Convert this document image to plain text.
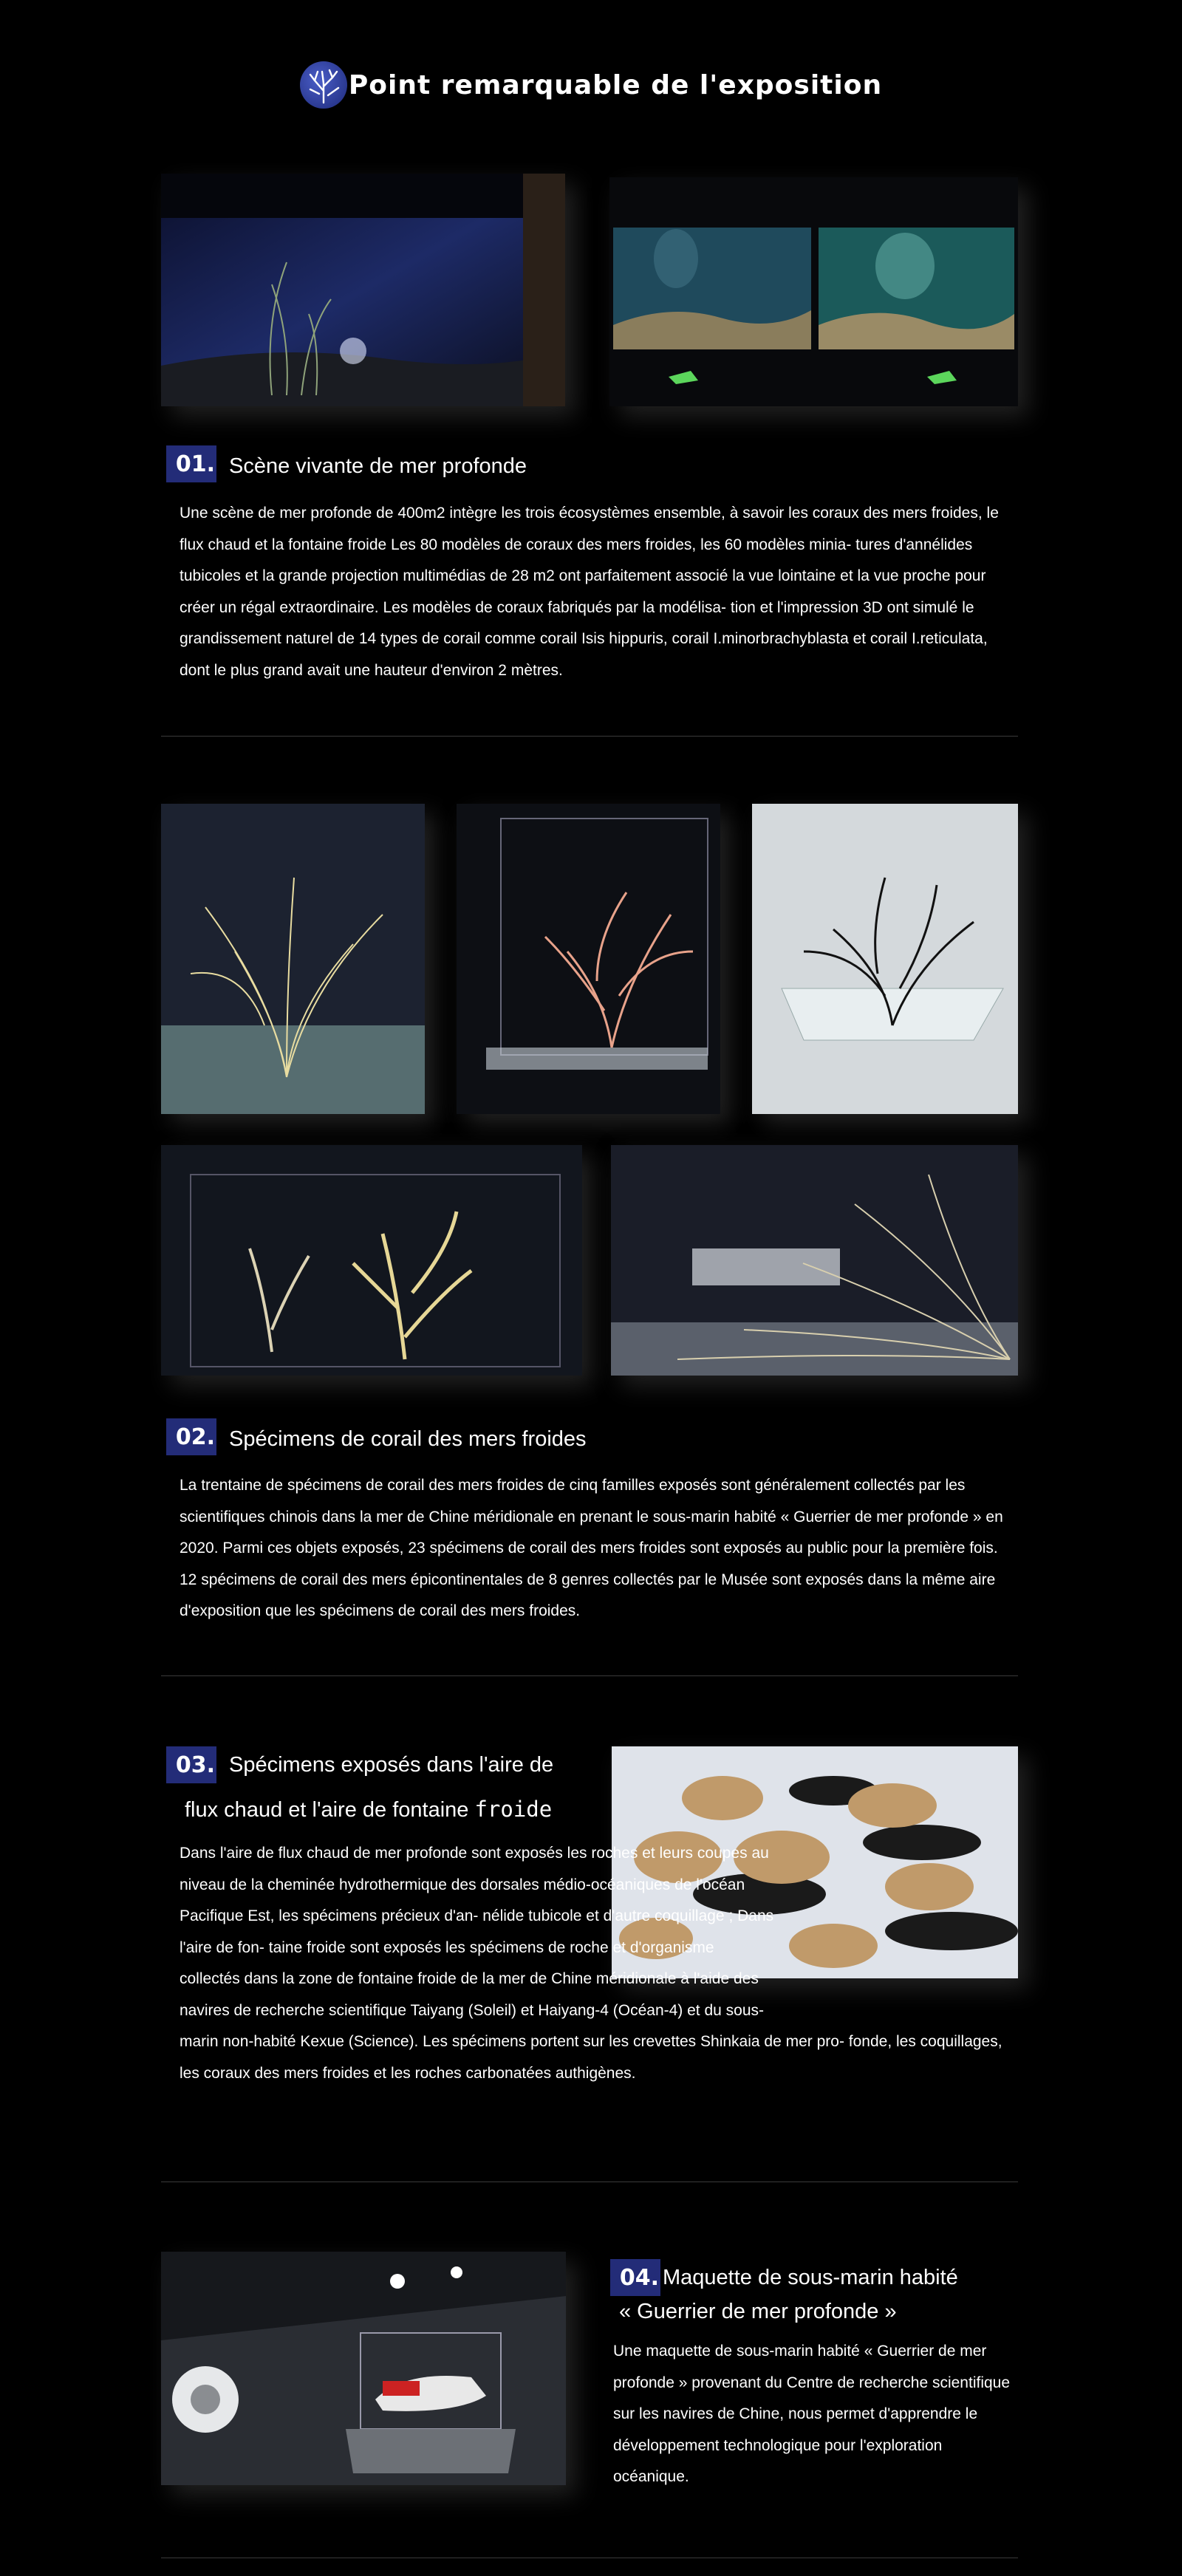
Point remarquable de l'exposition
01. Scène vivante de mer profonde
Une scène de mer profonde de 400m2 intègre les trois écosystèmes ensemble, à savoir les coraux des mers froides, le flux chaud et la fontaine froide Les 80 modèles de coraux des mers froides, les 60 modèles minia- tures d'annélides tubicoles et la grande projection multimédias de 28 m2 ont parfaitement associé la vue lointaine et la vue proche pour créer un régal extraordinaire. Les modèles de coraux fabriqués par la modélisa- tion et l'impression 3D ont simulé le grandissement naturel de 14 types de corail comme corail Isis hippuris, corail I.minorbrachyblasta et corail I.reticulata, dont le plus grand avait une hauteur d'environ 2 mètres.
02. Spécimens de corail des mers froides
La trentaine de spécimens de corail des mers froides de cinq familles exposés sont généralement collectés par les scientifiques chinois dans la mer de Chine méridionale en prenant le sous-marin habité « Guerrier de mer profonde » en 2020. Parmi ces objets exposés, 23 spécimens de corail des mers froides sont exposés au public pour la première fois. 12 spécimens de corail des mers épicontinentales de 8 genres collectés par le Musée sont exposés dans la même aire d'exposition que les spécimens de corail des mers froides.
03. Spécimens exposés dans l'aire de
flux chaud et l'aire de fontaine froide
Dans l'aire de flux chaud de mer profonde sont exposés les roches et leurs coupes au niveau de la cheminée hydrothermique des dorsales médio-océaniques de l'océan Pacifique Est, les spécimens précieux d'an- nélide tubicole et d'autre coquillage ; Dans l'aire de fon- taine froide sont exposés les spécimens de roche et d'organisme collectés dans la zone de fontaine froide de la mer de Chine méridionale à l'aide des navires de recherche scientifique Taiyang (Soleil) et Haiyang-4 (Océan-4) et du sous-marin non-habité Kexue (Science). Les spécimens portent sur les crevettes Shinkaia de mer pro- fonde, les coquillages, les coraux des mers froides et les roches carbonatées authigènes.
04. Maquette de sous-marin habité
« Guerrier de mer profonde »
Une maquette de sous-marin habité « Guerrier de mer profonde » provenant du Centre de recherche scientifique sur les navires de Chine, nous permet d'apprendre le développement technologique pour l'exploration océanique.
